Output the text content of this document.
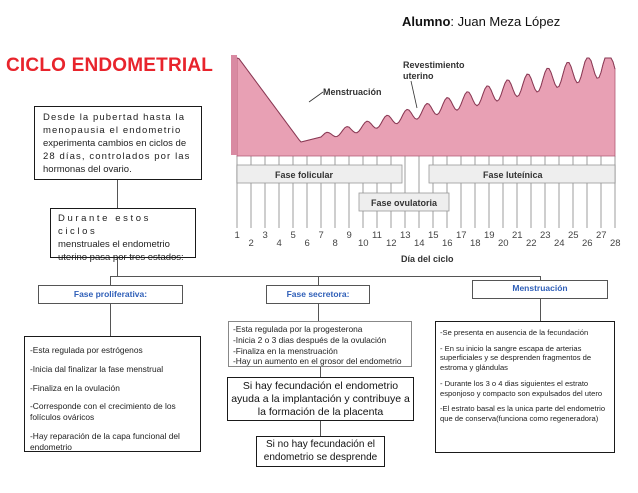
Alumno: Juan Meza López
CICLO ENDOMETRIAL
Desde la pubertad hasta la
menopausia el endometrio
experimenta cambios en ciclos de
28 días, controlados por las
hormonas del ovario.
Durante estos ciclos
menstruales el endometrio
uterino pasa por tres estados:
Menstruación
Revestimiento
uterino
Fase folicular	Fase luteínica
Fase ovulatoria
1 3 5 7 9 11 13 15 17 19 21 23 25 27
2 4 6 8 10 12 14 16 18 20 22 24 26 28
Día del ciclo
Fase proliferativa:	Fase secretora:
Menstruación

-Esta regulada por estrógenos

-Inicia dal finalizar la fase menstrual

-Finaliza en la ovulación

-Corresponde con el crecimiento de los folículos ováricos

-Hay reparación de la capa funcional del endometrio

-Esta regulada por la progesterona

-Inicia 2 o 3 dias después de la ovulación

-Finaliza en la menstruación

-Hay un aumento en el grosor del endometrio

-Se presenta en ausencia de la fecundación

- En su inicio la sangre escapa de arterias superficiales y se desprenden fragmentos de estroma y glándulas

- Durante los 3 o 4 dias siguientes el estrato esponjoso y compacto son expulsados del utero

-El estrato basal es la unica parte del endometrio que de conserva(funciona como regeneradora)

Si hay fecundación el endometrio ayuda a la implantación y contribuye a la formación de la placenta
Si no hay fecundación el endometrio se desprende
